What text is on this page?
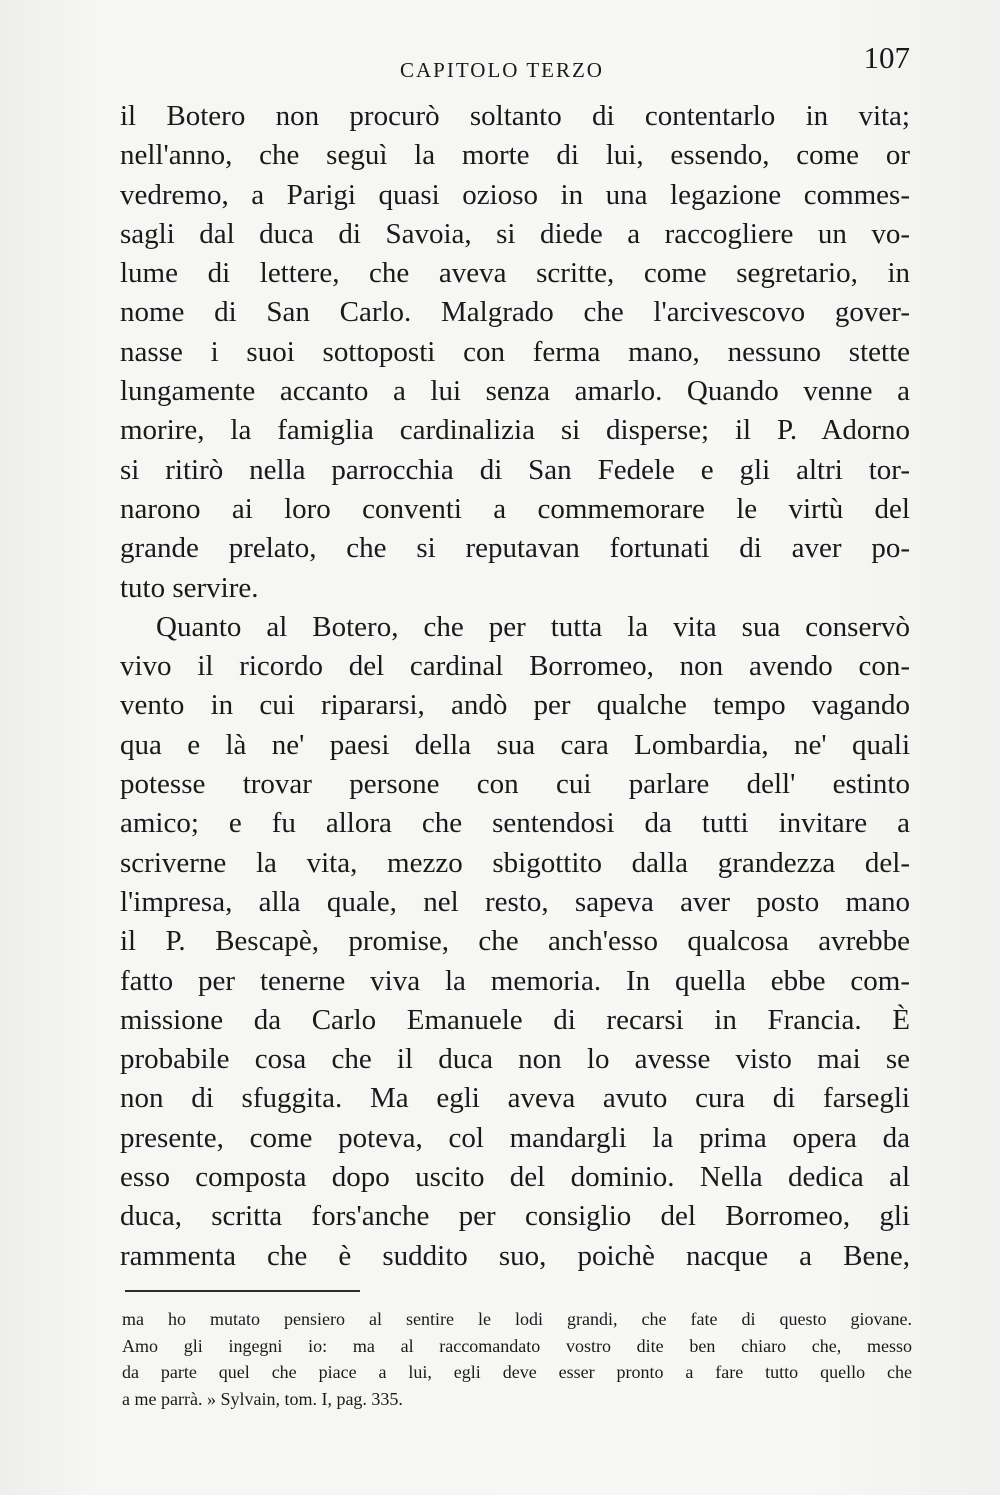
CAPITOLO TERZO	107
il Botero non procurò soltanto di contentarlo in vita;
nell'anno, che seguì la morte di lui, essendo, come or
vedremo, a Parigi quasi ozioso in una legazione commes-
sagli dal duca di Savoia, si diede a raccogliere un vo-
lume di lettere, che aveva scritte, come segretario, in
nome di San Carlo. Malgrado che l'arcivescovo gover-
nasse i suoi sottoposti con ferma mano, nessuno stette
lungamente accanto a lui senza amarlo. Quando venne a
morire, la famiglia cardinalizia si disperse; il P. Adorno
si ritirò nella parrocchia di San Fedele e gli altri tor-
narono ai loro conventi a commemorare le virtù del
grande prelato, che si reputavan fortunati di aver po-
tuto servire.
Quanto al Botero, che per tutta la vita sua conservò
vivo il ricordo del cardinal Borromeo, non avendo con-
vento in cui ripararsi, andò per qualche tempo vagando
qua e là ne' paesi della sua cara Lombardia, ne' quali
potesse trovar persone con cui parlare dell' estinto
amico; e fu allora che sentendosi da tutti invitare a
scriverne la vita, mezzo sbigottito dalla grandezza del-
l'impresa, alla quale, nel resto, sapeva aver posto mano
il P. Bescapè, promise, che anch'esso qualcosa avrebbe
fatto per tenerne viva la memoria. In quella ebbe com-
missione da Carlo Emanuele di recarsi in Francia. È
probabile cosa che il duca non lo avesse visto mai se
non di sfuggita. Ma egli aveva avuto cura di farsegli
presente, come poteva, col mandargli la prima opera da
esso composta dopo uscito del dominio. Nella dedica al
duca, scritta fors'anche per consiglio del Borromeo, gli
rammenta che è suddito suo, poichè nacque a Bene,
ma ho mutato pensiero al sentire le lodi grandi, che fate di questo giovane.
Amo gli ingegni io: ma al raccomandato vostro dite ben chiaro che, messo
da parte quel che piace a lui, egli deve esser pronto a fare tutto quello che
a me parrà. » Sylvain, tom. I, pag. 335.
